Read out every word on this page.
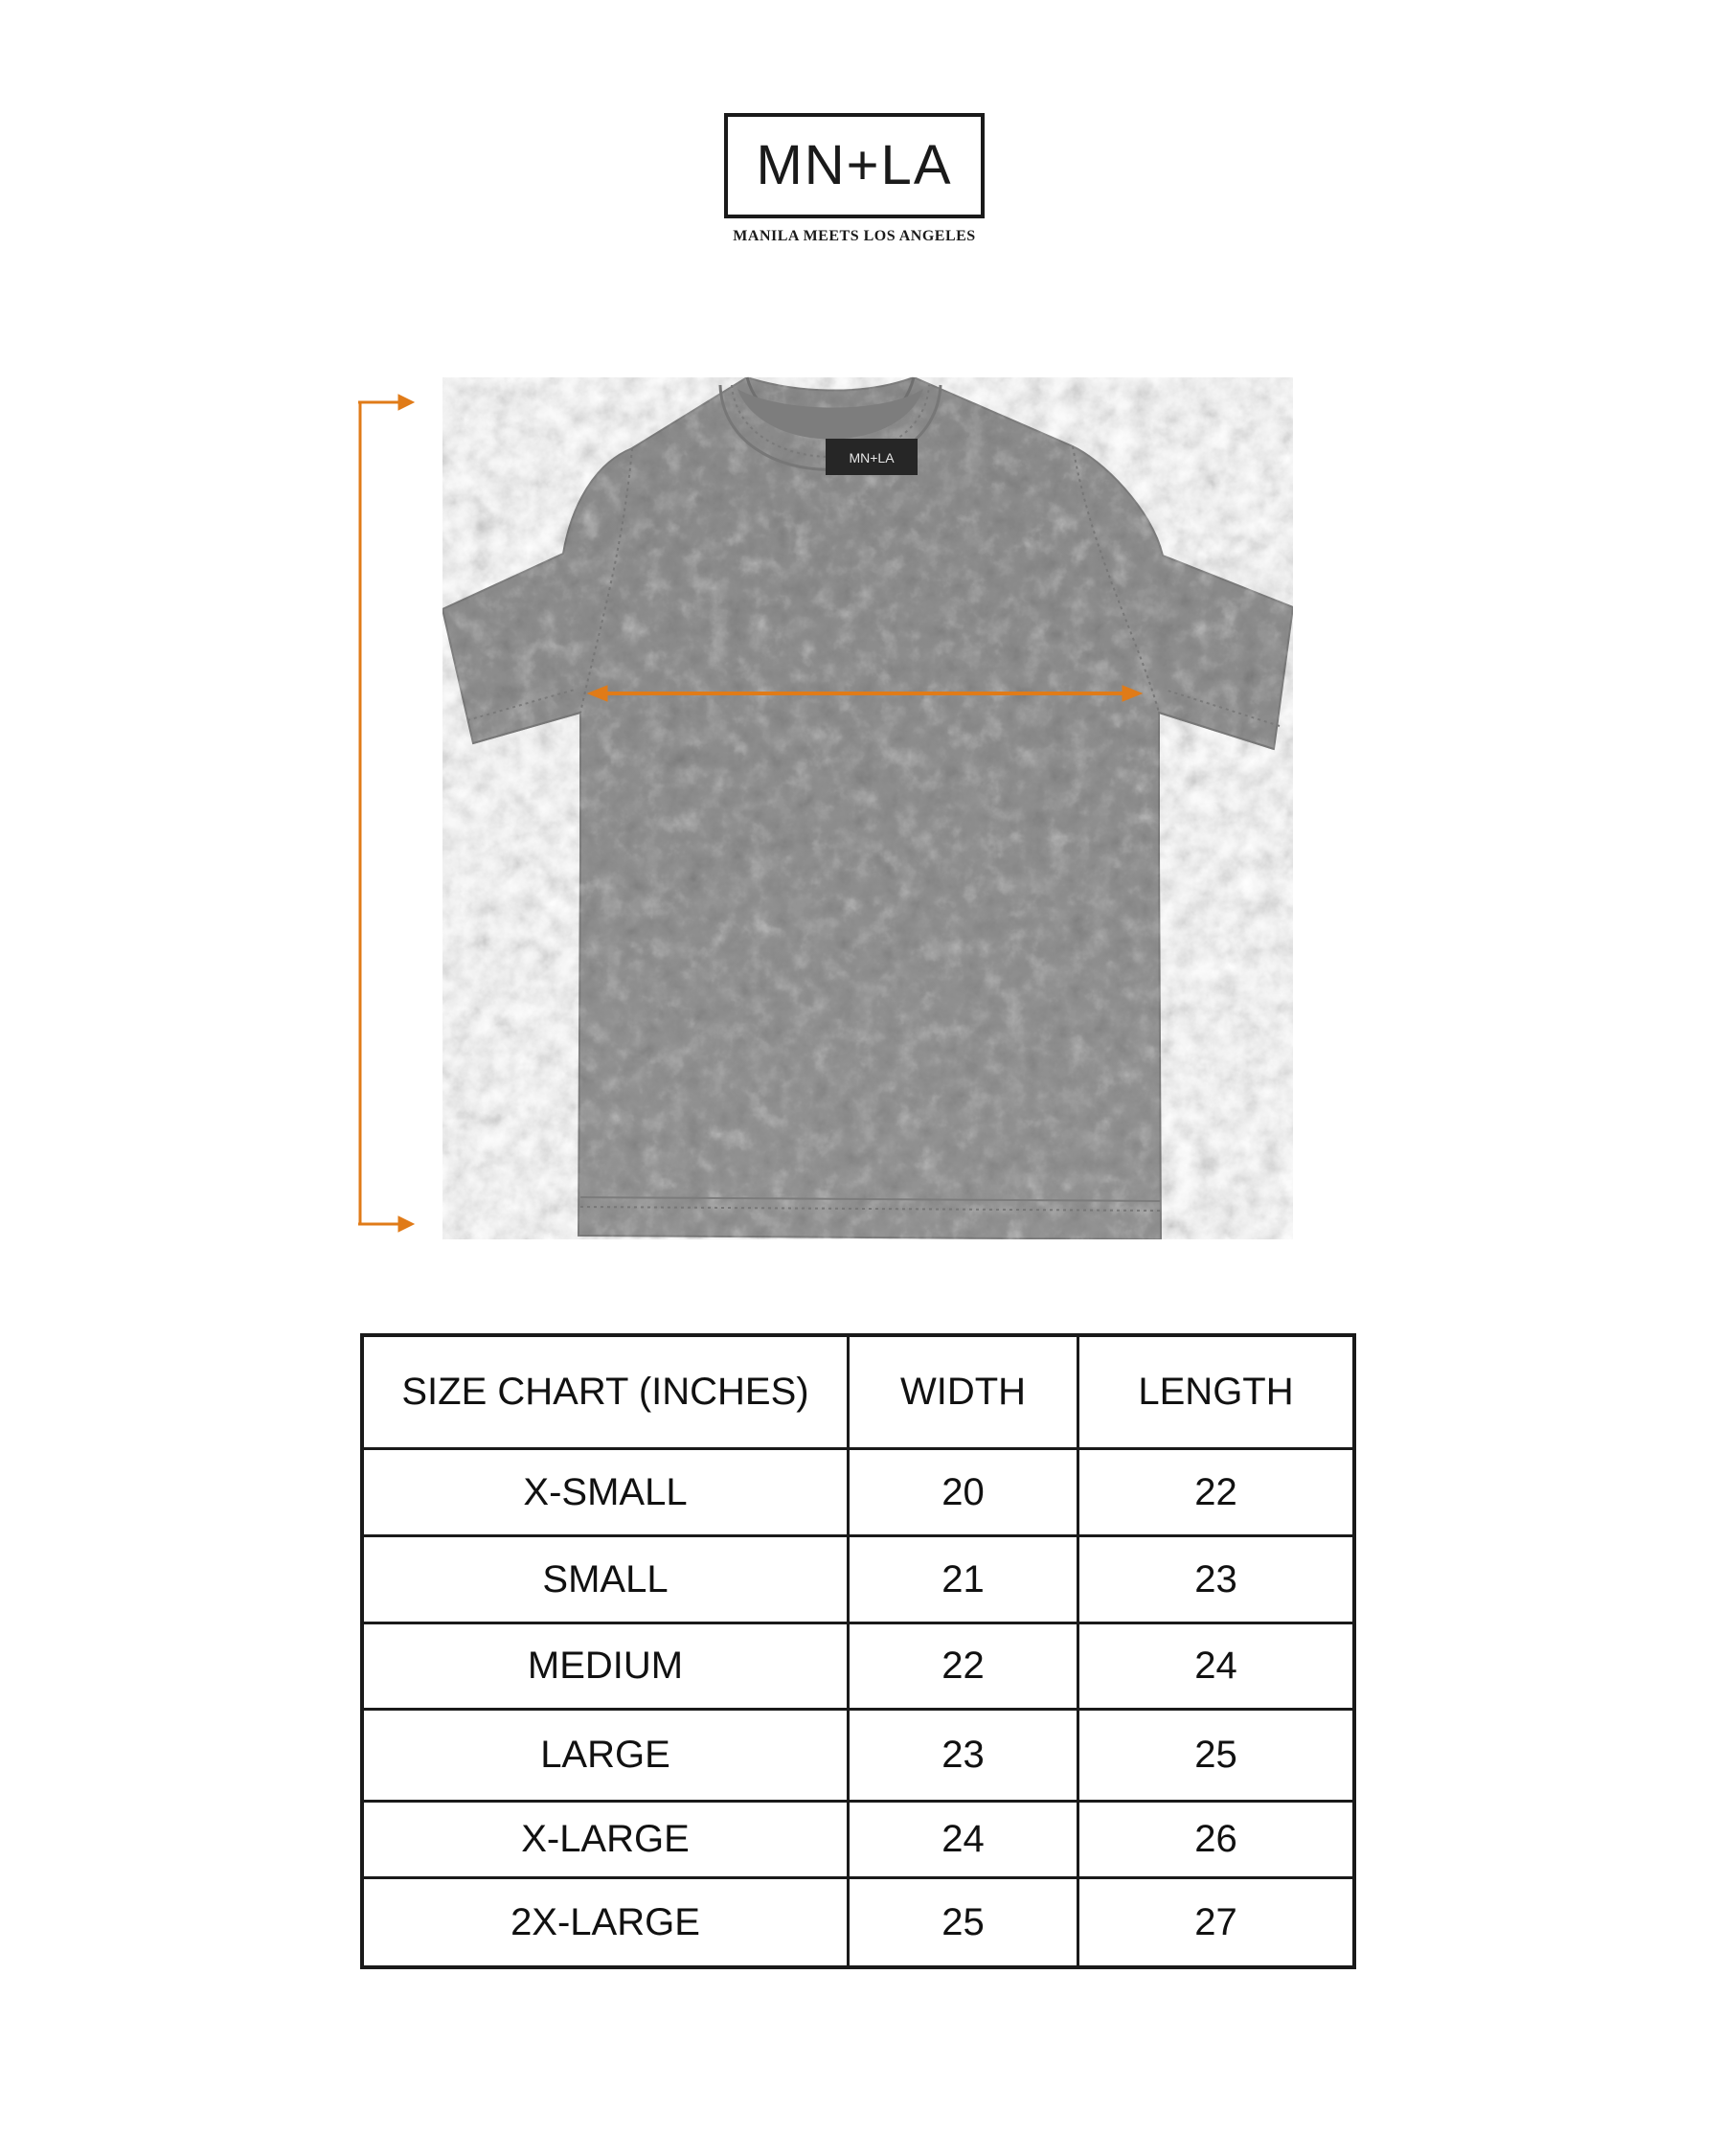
MN+LA
MANILA MEETS LOS ANGELES
MN+LA
SIZE CHART (INCHES)	WIDTH	LENGTH
X-SMALL	20	22
SMALL	21	23
MEDIUM	22	24
LARGE	23	25
X-LARGE	24	26
2X-LARGE	25	27
